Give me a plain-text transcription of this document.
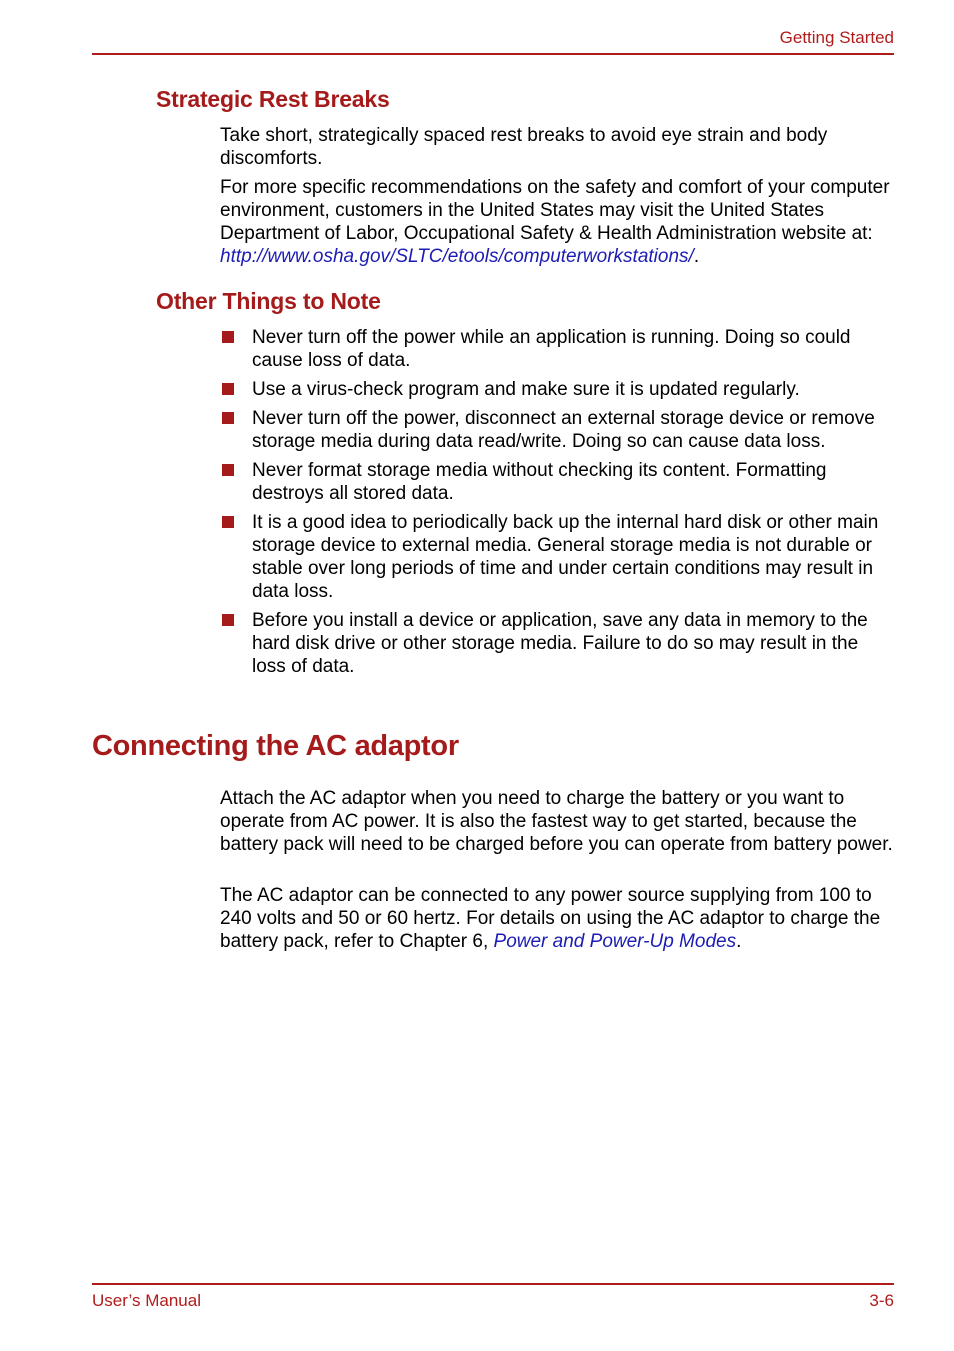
Getting Started
Strategic Rest Breaks

Take short, strategically spaced rest breaks to avoid eye strain and body discomforts.

For more specific recommendations on the safety and comfort of your computer environment, customers in the United States may visit the United States Department of Labor, Occupational Safety & Health Administration website at: http://www.osha.gov/SLTC/etools/computerworkstations/.

Other Things to Note
Never turn off the power while an application is running. Doing so could cause loss of data.
Use a virus-check program and make sure it is updated regularly.
Never turn off the power, disconnect an external storage device or remove storage media during data read/write. Doing so can cause data loss.
Never format storage media without checking its content. Formatting destroys all stored data.
It is a good idea to periodically back up the internal hard disk or other main storage device to external media. General storage media is not durable or stable over long periods of time and under certain conditions may result in data loss.
Before you install a device or application, save any data in memory to the hard disk drive or other storage media. Failure to do so may result in the loss of data.
Connecting the AC adaptor

Attach the AC adaptor when you need to charge the battery or you want to operate from AC power. It is also the fastest way to get started, because the battery pack will need to be charged before you can operate from battery power.

The AC adaptor can be connected to any power source supplying from 100 to 240 volts and 50 or 60 hertz. For details on using the AC adaptor to charge the battery pack, refer to Chapter 6, Power and Power-Up Modes.

User’s Manual	3-6
